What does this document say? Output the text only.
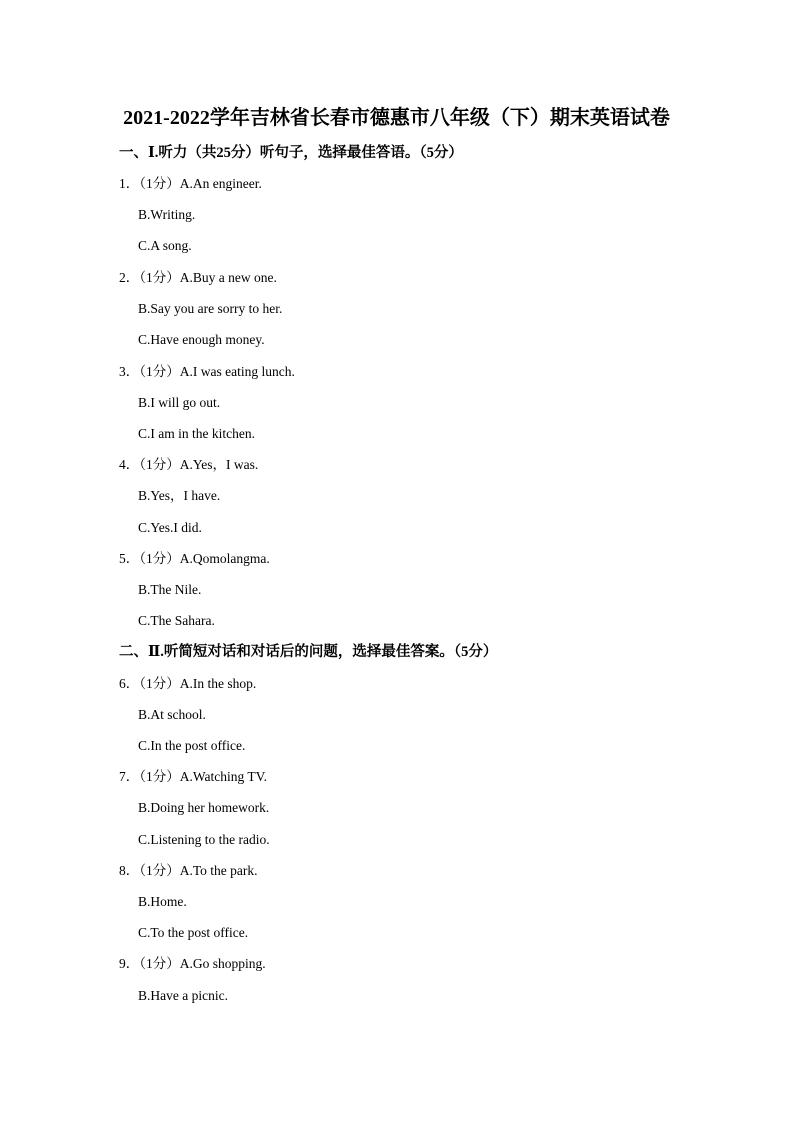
2021-2022学年吉林省长春市德惠市八年级（下）期末英语试卷
一、Ⅰ.听力（共25分）听句子，选择最佳答语。（5分）
1．（1分）A.An engineer.
B.Writing.
C.A song.
2．（1分）A.Buy a new one.
B.Say you are sorry to her.
C.Have enough money.
3．（1分）A.I was eating lunch.
B.I will go out.
C.I am in the kitchen.
4．（1分）A.Yes，I was.
B.Yes，I have.
C.Yes.I did.
5．（1分）A.Qomolangma.
B.The Nile.
C.The Sahara.
二、Ⅱ.听简短对话和对话后的问题，选择最佳答案。（5分）
6．（1分）A.In the shop.
B.At school.
C.In the post office.
7．（1分）A.Watching TV.
B.Doing her homework.
C.Listening to the radio.
8．（1分）A.To the park.
B.Home.
C.To the post office.
9．（1分）A.Go shopping.
B.Have a picnic.
